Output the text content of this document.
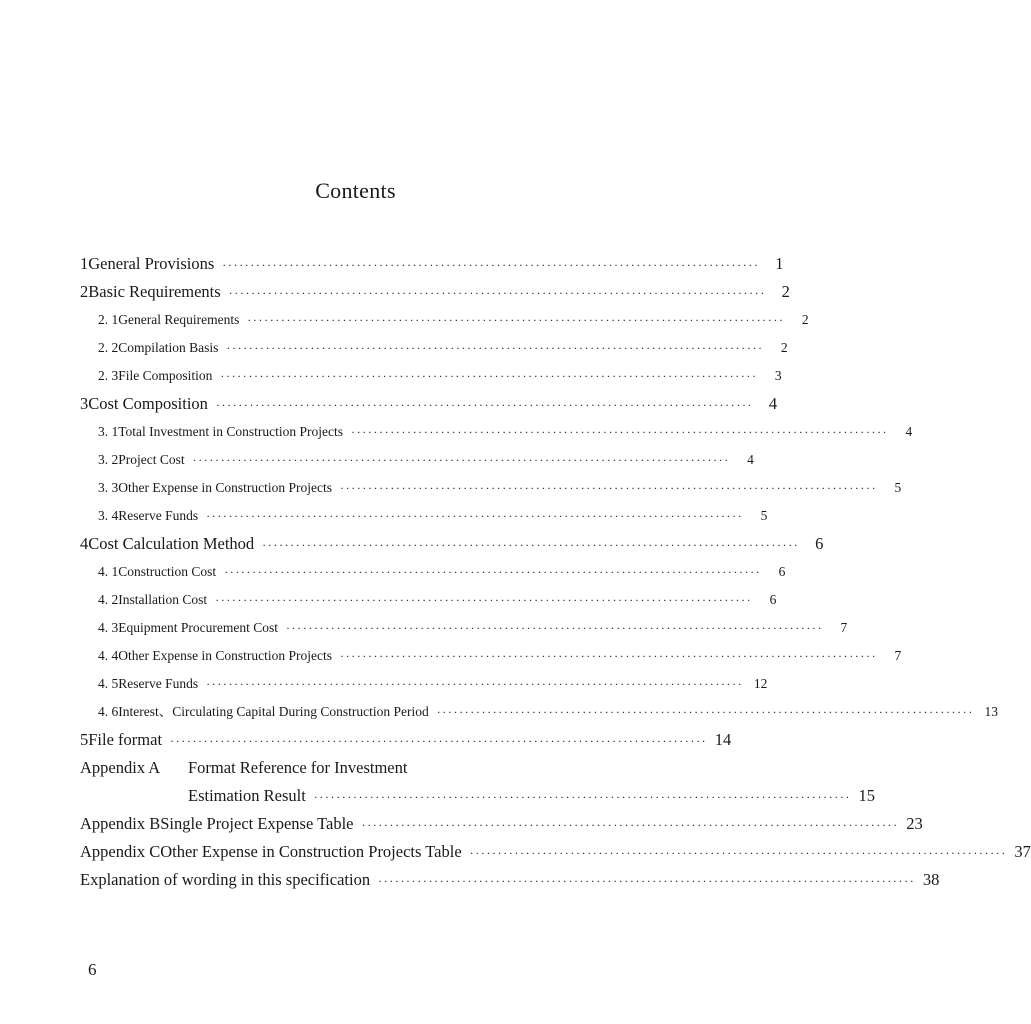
Contents
1 General Provisions ································································································ 1
2 Basic Requirements ································································································ 2
2. 1 General Requirements ································································································	2
2. 2 Compilation Basis ································································································	2
2. 3 File Composition ································································································	3
3 Cost Composition ································································································ 4
3. 1 Total Investment in Construction Projects ································································································	4
3. 2 Project Cost ································································································	4
3. 3 Other Expense in Construction Projects ································································································	5
3. 4 Reserve Funds ································································································	5
4 Cost Calculation Method ································································································ 6
4. 1 Construction Cost ································································································	6
4. 2 Installation Cost ································································································	6
4. 3 Equipment Procurement Cost ································································································	7
4. 4 Other Expense in Construction Projects ································································································	7
4. 5 Reserve Funds ································································································ 12
4. 6 Interest、Circulating Capital During Construction Period ································································································ 13
5 File format ································································································ 14
Appendix A	Format Reference for Investment
Estimation Result ································································································ 15
Appendix B Single Project Expense Table ································································································ 23
Appendix C Other Expense in Construction Projects Table ································································································ 37
Explanation of wording in this specification ································································································ 38
6
